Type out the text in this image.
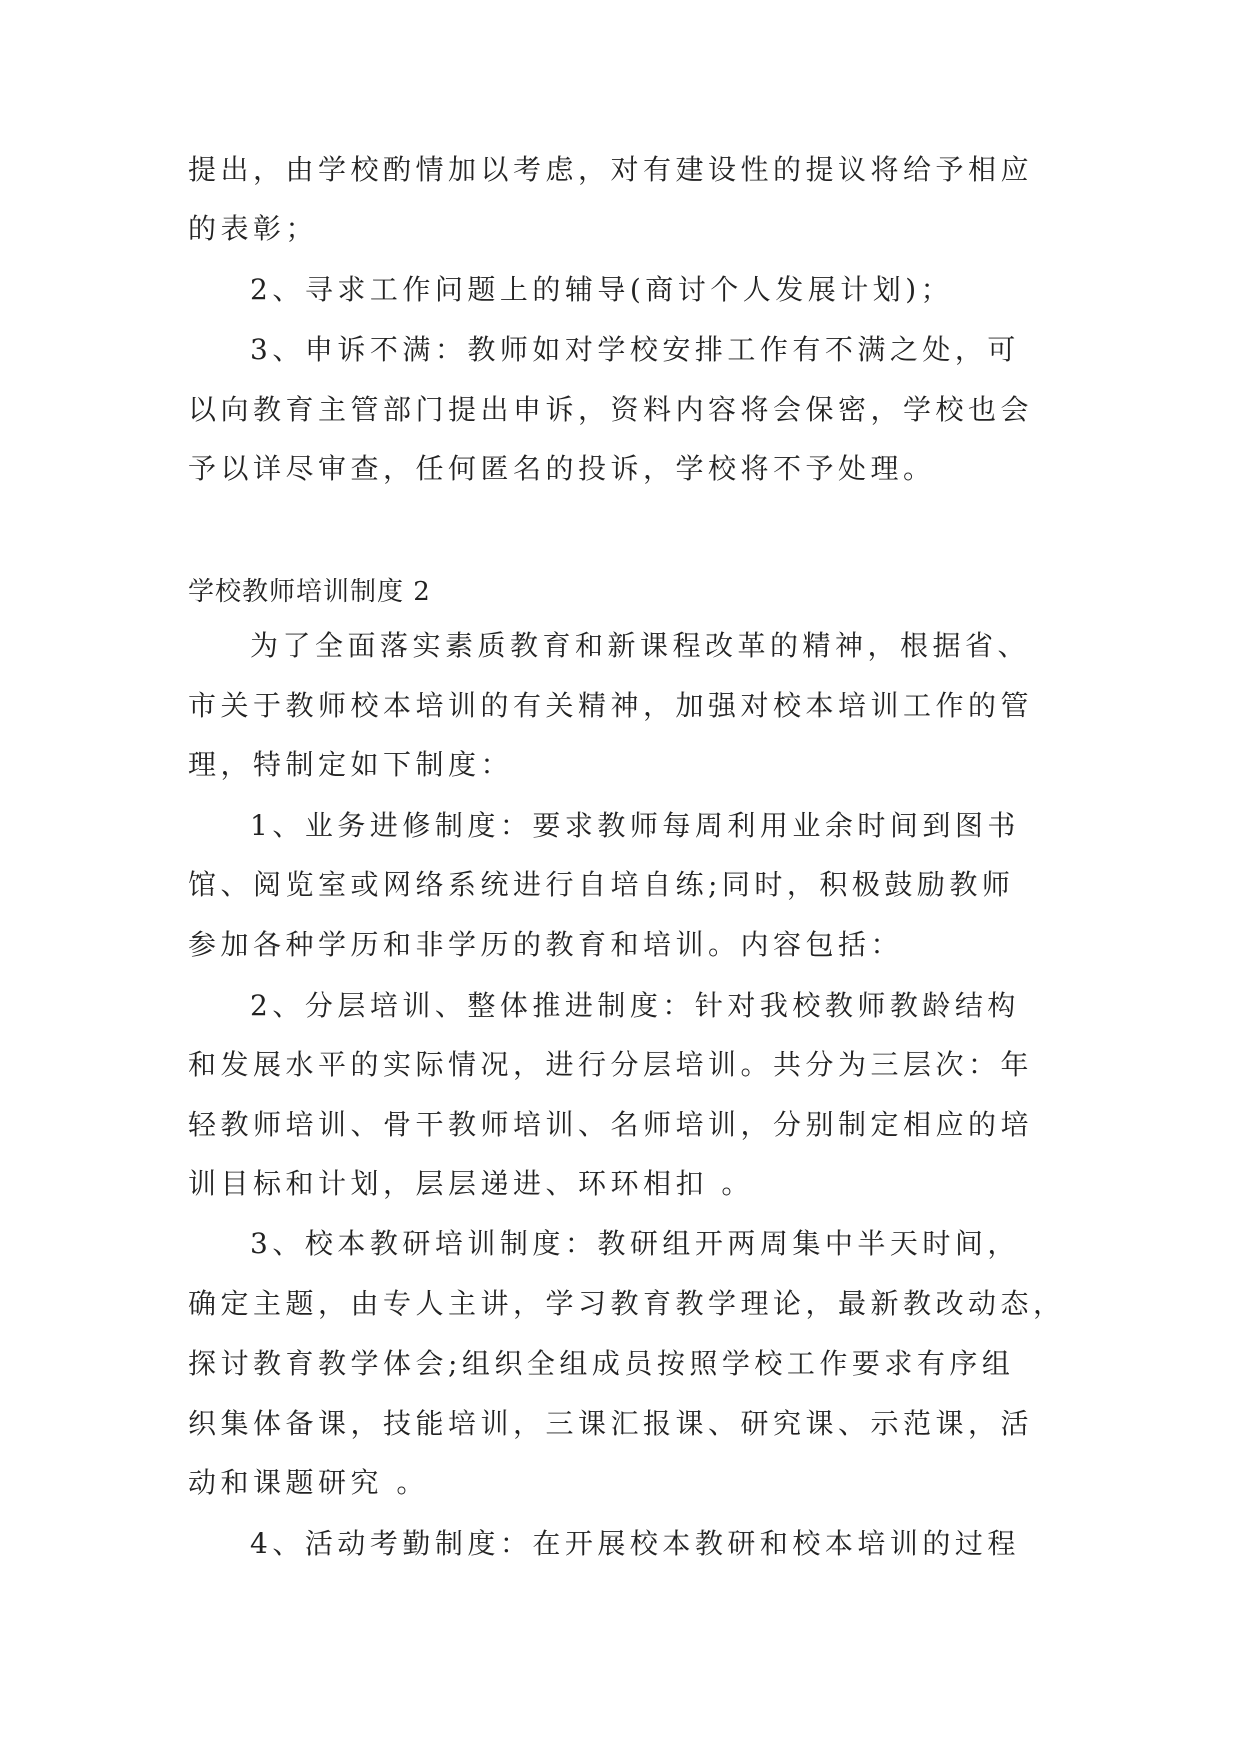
提出，由学校酌情加以考虑，对有建设性的提议将给予相应
的表彰；
2、寻求工作问题上的辅导(商讨个人发展计划)；
3、申诉不满：教师如对学校安排工作有不满之处，可
以向教育主管部门提出申诉，资料内容将会保密，学校也会
予以详尽审查，任何匿名的投诉，学校将不予处理。
学校教师培训制度 2
为了全面落实素质教育和新课程改革的精神，根据省、
市关于教师校本培训的有关精神，加强对校本培训工作的管
理，特制定如下制度：
1、业务进修制度：要求教师每周利用业余时间到图书
馆、阅览室或网络系统进行自培自练;同时，积极鼓励教师
参加各种学历和非学历的教育和培训。内容包括：
2、分层培训、整体推进制度：针对我校教师教龄结构
和发展水平的实际情况，进行分层培训。共分为三层次：年
轻教师培训、骨干教师培训、名师培训，分别制定相应的培
训目标和计划，层层递进、环环相扣 。
3、校本教研培训制度：教研组开两周集中半天时间，
确定主题，由专人主讲，学习教育教学理论，最新教改动态，
探讨教育教学体会;组织全组成员按照学校工作要求有序组
织集体备课，技能培训，三课汇报课、研究课、示范课，活
动和课题研究 。
4、活动考勤制度：在开展校本教研和校本培训的过程
